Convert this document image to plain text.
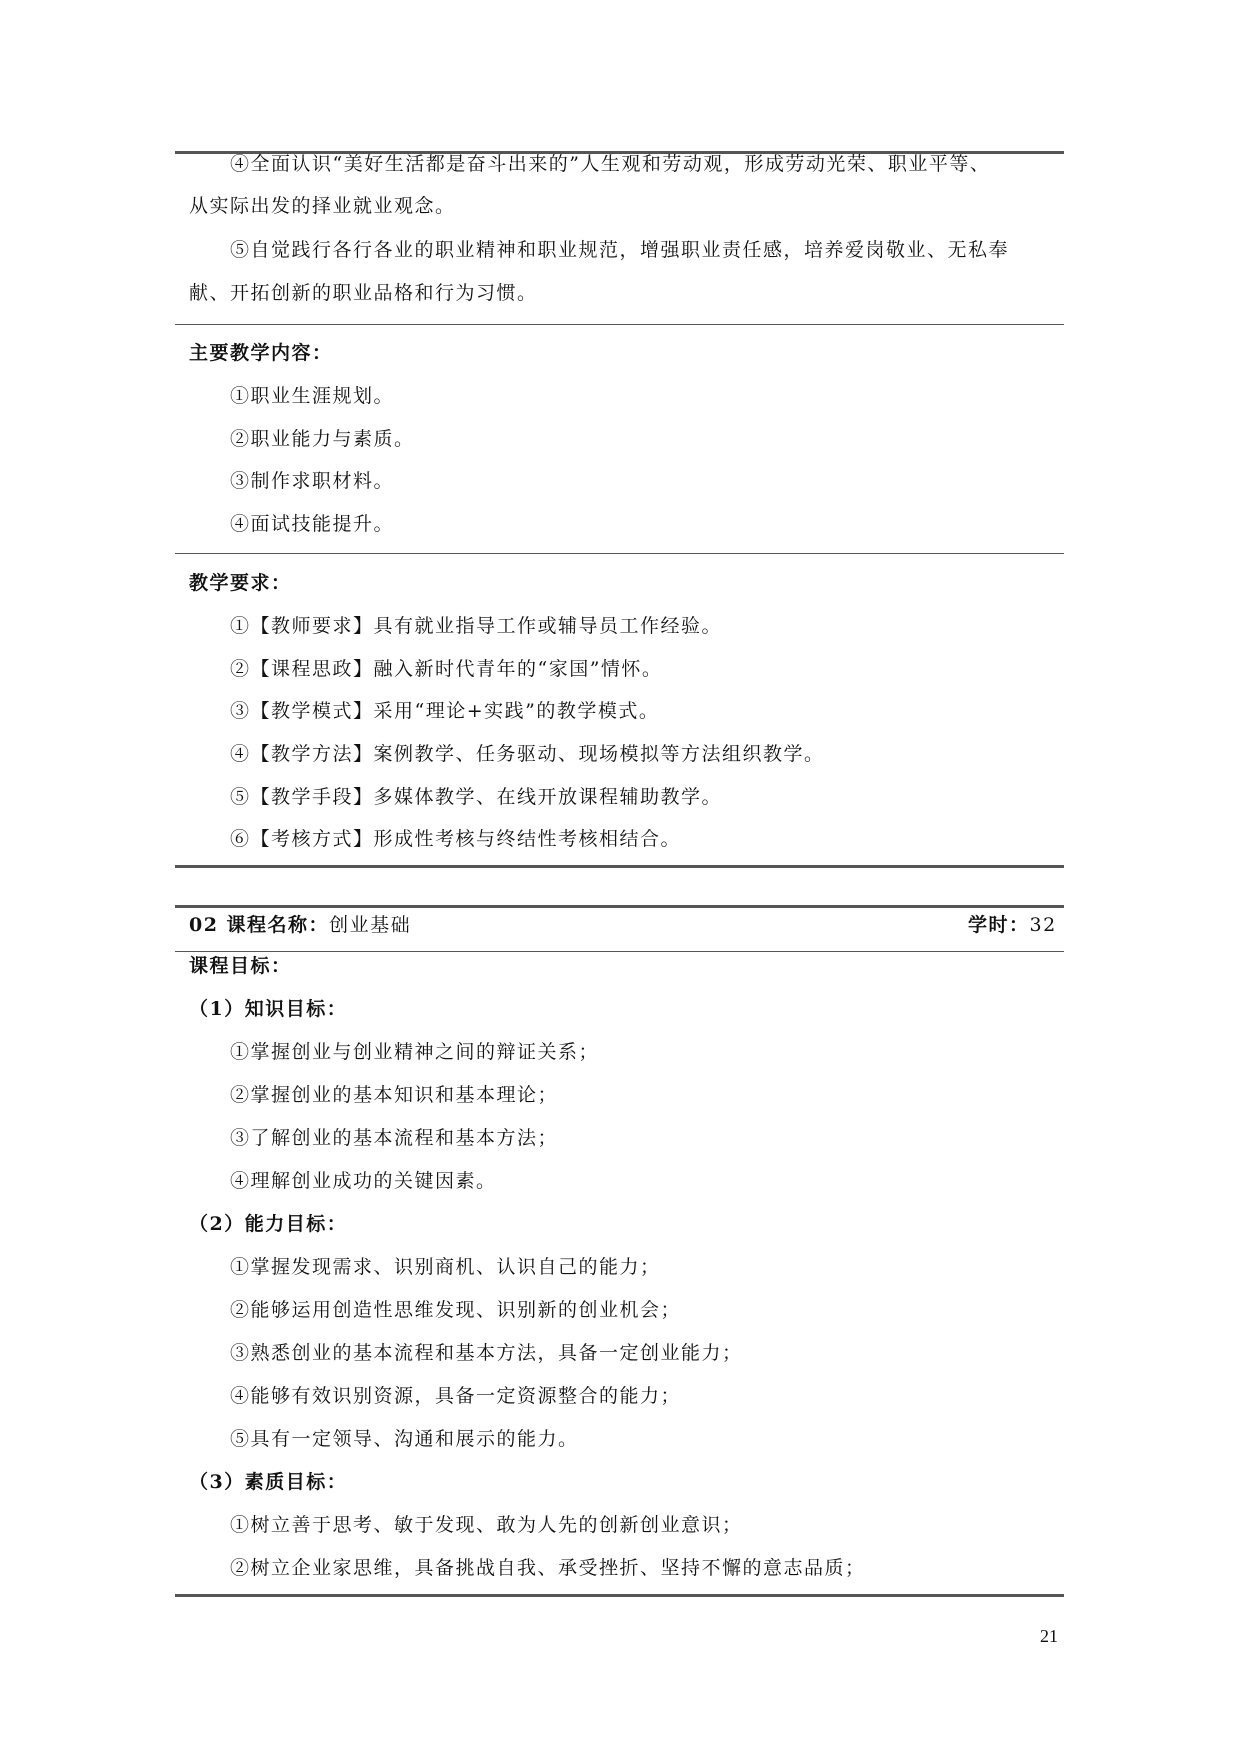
④全面认识“美好生活都是奋斗出来的”人生观和劳动观，形成劳动光荣、职业平等、
从实际出发的择业就业观念。
⑤自觉践行各行各业的职业精神和职业规范，增强职业责任感，培养爱岗敬业、无私奉
献、开拓创新的职业品格和行为习惯。
主要教学内容：
①职业生涯规划。
②职业能力与素质。
③制作求职材料。
④面试技能提升。
教学要求：
①【教师要求】具有就业指导工作或辅导员工作经验。
②【课程思政】融入新时代青年的“家国”情怀。
③【教学模式】采用“理论+实践”的教学模式。
④【教学方法】案例教学、任务驱动、现场模拟等方法组织教学。
⑤【教学手段】多媒体教学、在线开放课程辅助教学。
⑥【考核方式】形成性考核与终结性考核相结合。
02 课程名称：创业基础	学时：32
课程目标：
（1）知识目标：
①掌握创业与创业精神之间的辩证关系；
②掌握创业的基本知识和基本理论；
③了解创业的基本流程和基本方法；
④理解创业成功的关键因素。
（2）能力目标：
①掌握发现需求、识别商机、认识自己的能力；
②能够运用创造性思维发现、识别新的创业机会；
③熟悉创业的基本流程和基本方法，具备一定创业能力；
④能够有效识别资源，具备一定资源整合的能力；
⑤具有一定领导、沟通和展示的能力。
（3）素质目标：
①树立善于思考、敏于发现、敢为人先的创新创业意识；
②树立企业家思维，具备挑战自我、承受挫折、坚持不懈的意志品质；
21
